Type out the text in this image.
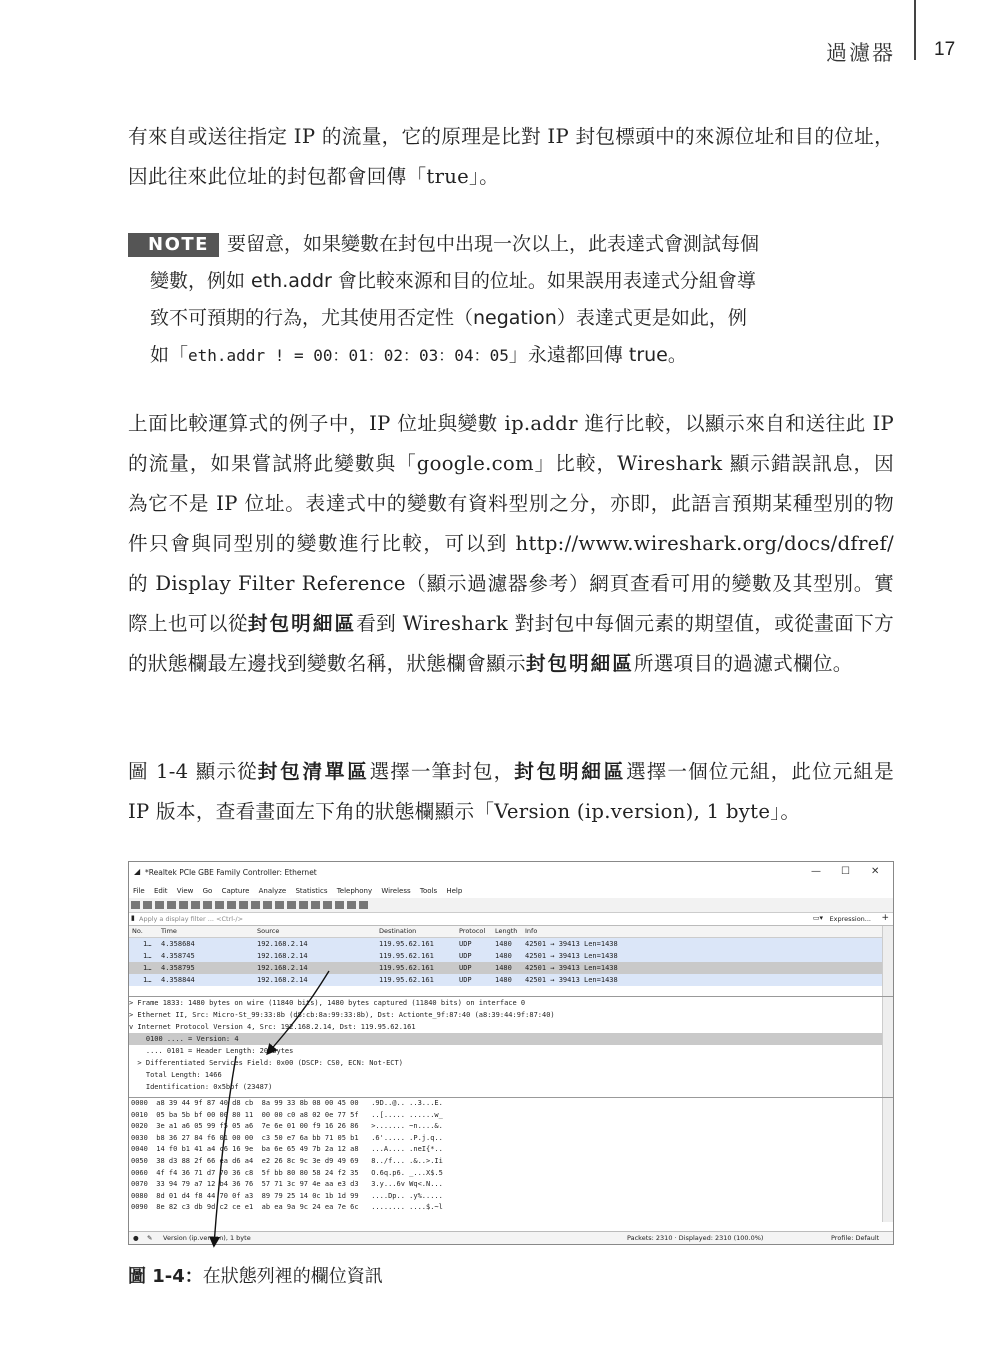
過濾器 17
有來自或送往指定 IP 的流量，它的原理是比對 IP 封包標頭中的來源位址和目的位址，因此往來此位址的封包都會回傳「true」。
NOTE 要留意，如果變數在封包中出現一次以上，此表達式會測試每個
變數，例如 eth.addr 會比較來源和目的位址。如果誤用表達式分組會導
致不可預期的行為，尤其使用否定性（negation）表達式更是如此，例
如「eth.addr ! = 00：01：02：03：04：05」永遠都回傳 true。
上面比較運算式的例子中，IP 位址與變數 ip.addr 進行比較，以顯示來自和送往此 IP 的流量，如果嘗試將此變數與「google.com」比較，Wireshark 顯示錯誤訊息，因為它不是 IP 位址。表達式中的變數有資料型別之分，亦即，此語言預期某種型別的物件只會與同型別的變數進行比較，可以到 http://www.wireshark.org/docs/dfref/ 的 Display Filter Reference（顯示過濾器參考）網頁查看可用的變數及其型別。實際上也可以從封包明細區看到 Wireshark 對封包中每個元素的期望值，或從畫面下方的狀態欄最左邊找到變數名稱，狀態欄會顯示封包明細區所選項目的過濾式欄位。
圖 1-4 顯示從封包清單區選擇一筆封包，封包明細區選擇一個位元組，此位元組是 IP 版本，查看畫面左下角的狀態欄顯示「Version (ip.version), 1 byte」。
◢ *Realtek PCIe GBE Family Controller: Ethernet	— ☐ ✕
File Edit View Go Capture Analyze Statistics Telephony Wireless Tools Help
▮ Apply a display filter ... <Ctrl-/>	▭▾ Expression... +
No.	Time	Source	Destination	Protocol Length Info
1… 4.358684	192.168.2.14	119.95.62.161	UDP	1480 42501 → 39413 Len=1438
1… 4.358745	192.168.2.14	119.95.62.161	UDP	1480 42501 → 39413 Len=1438
1… 4.358795	192.168.2.14	119.95.62.161	UDP	1480 42501 → 39413 Len=1438
1… 4.358844	192.168.2.14	119.95.62.161	UDP	1480 42501 → 39413 Len=1438
> Frame 1833: 1480 bytes on wire (11840 bits), 1480 bytes captured (11840 bits) on interface 0
> Ethernet II, Src: Micro-St_99:33:8b (d8:cb:8a:99:33:8b), Dst: Actionte_9f:87:40 (a8:39:44:9f:87:40)
v Internet Protocol Version 4, Src: 192.168.2.14, Dst: 119.95.62.161
0100 .... = Version: 4
.... 0101 = Header Length: 20 bytes
> Differentiated Services Field: 0x00 (DSCP: CS0, ECN: Not-ECT)
Total Length: 1466
Identification: 0x5bbf (23487)
0000  a8 39 44 9f 87 40 d8 cb  8a 99 33 8b 08 00 45 00   .9D..@.. ..3...E.
0010  05 ba 5b bf 00 00 80 11  00 00 c0 a8 02 0e 77 5f   ..[..... ......w_
0020  3e a1 a6 05 99 f5 05 a6  7e 6e 01 00 f9 16 26 86   >....... ~n....&.
0030  b8 36 27 84 f6 01 00 00  c3 50 e7 6a bb 71 05 b1   .6'..... .P.j.q..
0040  14 f0 b1 41 a4 c6 16 9e  ba 6e 65 49 7b 2a 12 a8   ...A.... .neI{*..
0050  38 d3 88 2f 66 ea d6 a4  e2 26 8c 9c 3e d9 49 69   8../f... .&..>.Ii
0060  4f f4 36 71 d7 70 36 c8  5f bb 80 80 58 24 f2 35   O.6q.p6. _...X$.5
0070  33 94 79 a7 12 b4 36 76  57 71 3c 97 4e aa e3 d3   3.y...6v Wq<.N...
0080  8d 01 d4 f8 44 70 0f a3  89 79 25 14 0c 1b 1d 99   ....Dp.. .y%.....
0090  8e 82 c3 db 9d c2 ce e1  ab ea 9a 9c 24 ea 7e 6c   ........ ....$.~l
● ✎ Version (ip.version), 1 byte	Packets: 2310 · Displayed: 2310 (100.0%)	Profile: Default
圖 1-4：在狀態列裡的欄位資訊
